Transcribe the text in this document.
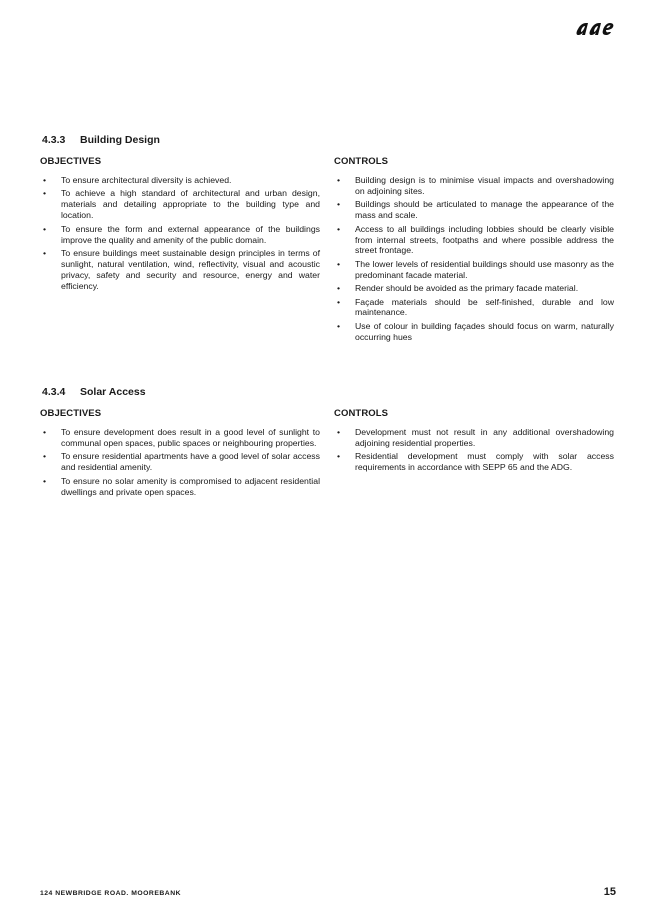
4.3.3 Building Design
OBJECTIVES
• To ensure architectural diversity is achieved.
• To achieve a high standard of architectural and urban design, materials and detailing appropriate to the building type and location.
• To ensure the form and external appearance of the buildings improve the quality and amenity of the public domain.
• To ensure buildings meet sustainable design principles in terms of sunlight, natural ventilation, wind, reflectivity, visual and acoustic privacy, safety and security and resource, energy and water efficiency.
CONTROLS
• Building design is to minimise visual impacts and overshadowing on adjoining sites.
• Buildings should be articulated to manage the appearance of the mass and scale.
• Access to all buildings including lobbies should be clearly visible from internal streets, footpaths and where possible address the street frontage.
• The lower levels of residential buildings should use masonry as the predominant facade material.
• Render should be avoided as the primary facade material.
• Façade materials should be self-finished, durable and low maintenance.
• Use of colour in building façades should focus on warm, naturally occurring hues
4.3.4 Solar Access
OBJECTIVES
• To ensure development does result in a good level of sunlight to communal open spaces, public spaces or neighbouring properties.
• To ensure residential apartments have a good level of solar access and residential amenity.
• To ensure no solar amenity is compromised to adjacent residential dwellings and private open spaces.
CONTROLS
• Development must not result in any additional overshadowing adjoining residential properties.
• Residential development must comply with solar access requirements in accordance with SEPP 65 and the ADG.
124 NEWBRIDGE ROAD. MOOREBANK	15
